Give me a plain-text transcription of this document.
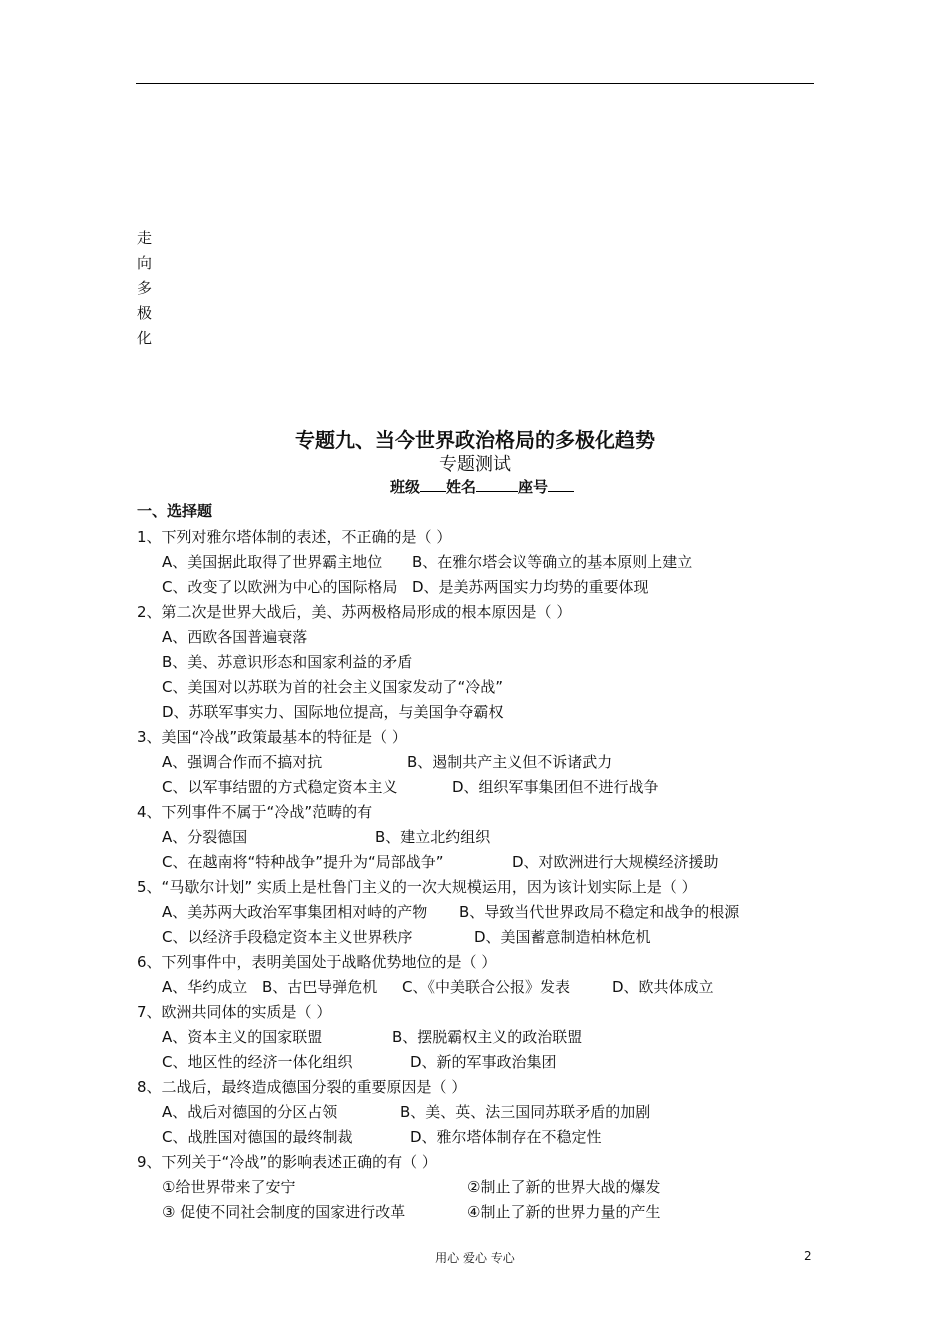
走
向
多
极
化
专题九、当今世界政治格局的多极化趋势
专题测试
班级 姓名	座号
一、选择题
1、下列对雅尔塔体制的表述，不正确的是（ ）
A、美国据此取得了世界霸主地位 B、在雅尔塔会议等确立的基本原则上建立
C、改变了以欧洲为中心的国际格局 D、是美苏两国实力均势的重要体现
2、第二次是世界大战后，美、苏两极格局形成的根本原因是（ ）
A、西欧各国普遍衰落
B、美、苏意识形态和国家利益的矛盾
C、美国对以苏联为首的社会主义国家发动了“冷战”
D、苏联军事实力、国际地位提高，与美国争夺霸权
3、美国“冷战”政策最基本的特征是（ ）
A、强调合作而不搞对抗	B、遏制共产主义但不诉诸武力
C、以军事结盟的方式稳定资本主义	D、组织军事集团但不进行战争
4、下列事件不属于“冷战”范畴的有
A、分裂德国	B、建立北约组织
C、在越南将“特种战争”提升为“局部战争”	D、对欧洲进行大规模经济援助
5、“马歇尔计划” 实质上是杜鲁门主义的一次大规模运用，因为该计划实际上是（ ）
A、美苏两大政治军事集团相对峙的产物 B、导致当代世界政局不稳定和战争的根源
C、以经济手段稳定资本主义世界秩序	D、美国蓄意制造柏林危机
6、下列事件中，表明美国处于战略优势地位的是（ ）
A、华约成立 B、古巴导弹危机 C、《中美联合公报》发表	D、欧共体成立
7、欧洲共同体的实质是（ ）
A、资本主义的国家联盟	B、摆脱霸权主义的政治联盟
C、地区性的经济一体化组织	D、新的军事政治集团
8、二战后，最终造成德国分裂的重要原因是（ ）
A、战后对德国的分区占领	B、美、英、法三国同苏联矛盾的加剧
C、战胜国对德国的最终制裁	D、雅尔塔体制存在不稳定性
9、下列关于“冷战”的影响表述正确的有（ ）
①给世界带来了安宁	②制止了新的世界大战的爆发
③ 促使不同社会制度的国家进行改革	④制止了新的世界力量的产生
用心 爱心 专心	2
